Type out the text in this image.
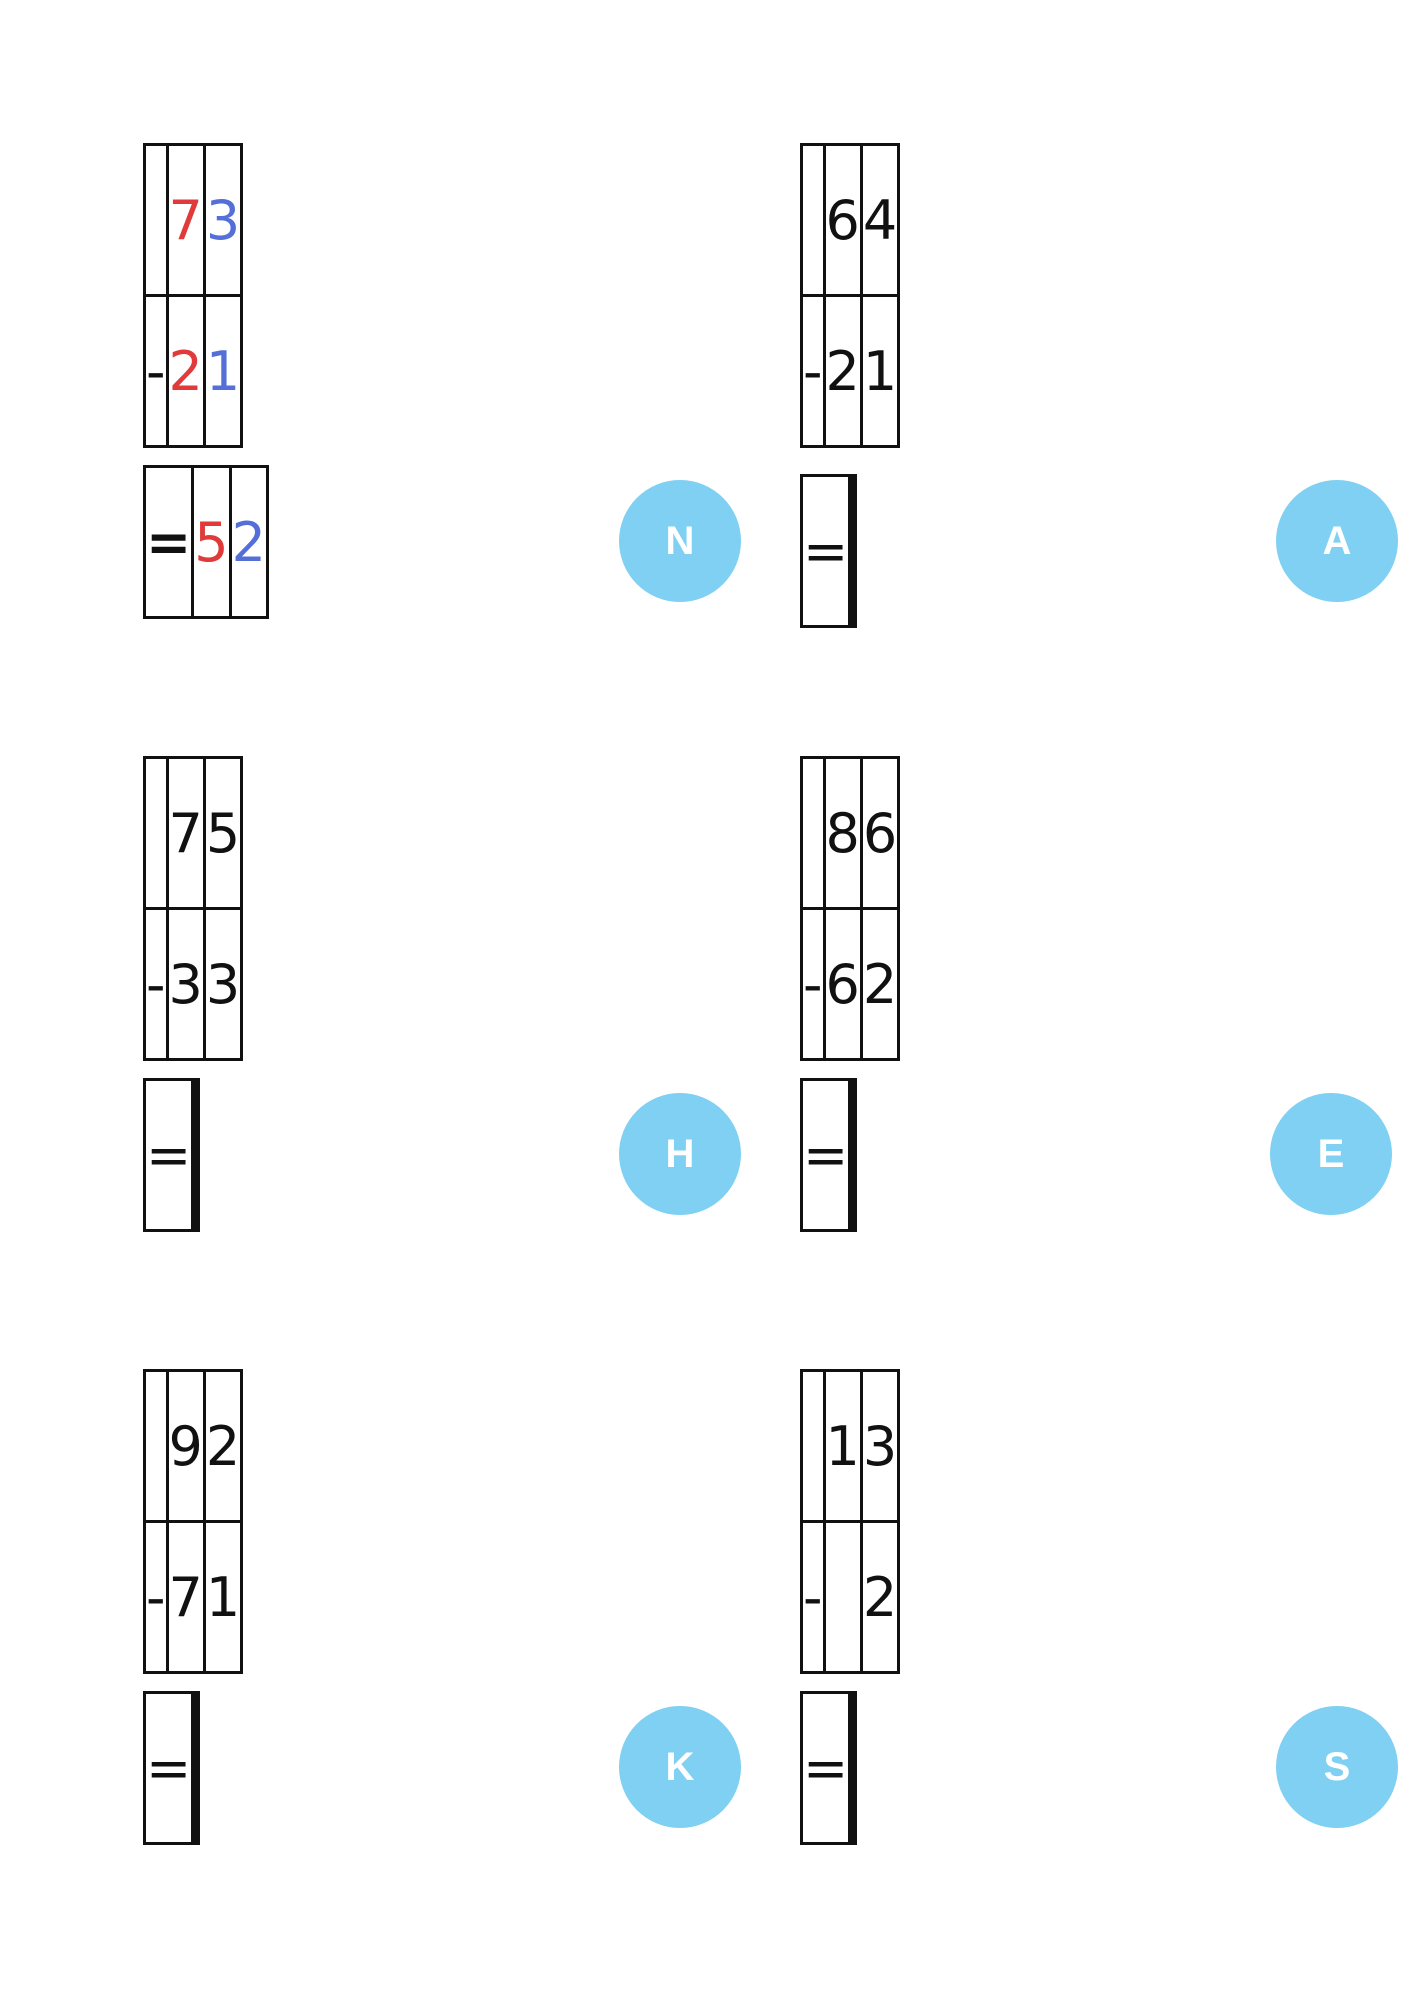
	7	3
-	2	1
=	5	2	N
	6	4
-	2	1
=			A
	7	5
-	3	3
=			H
	8	6
-	6	2
=			E
	9	2
-	7	1
=			K
	1	3
-		2
=			S
